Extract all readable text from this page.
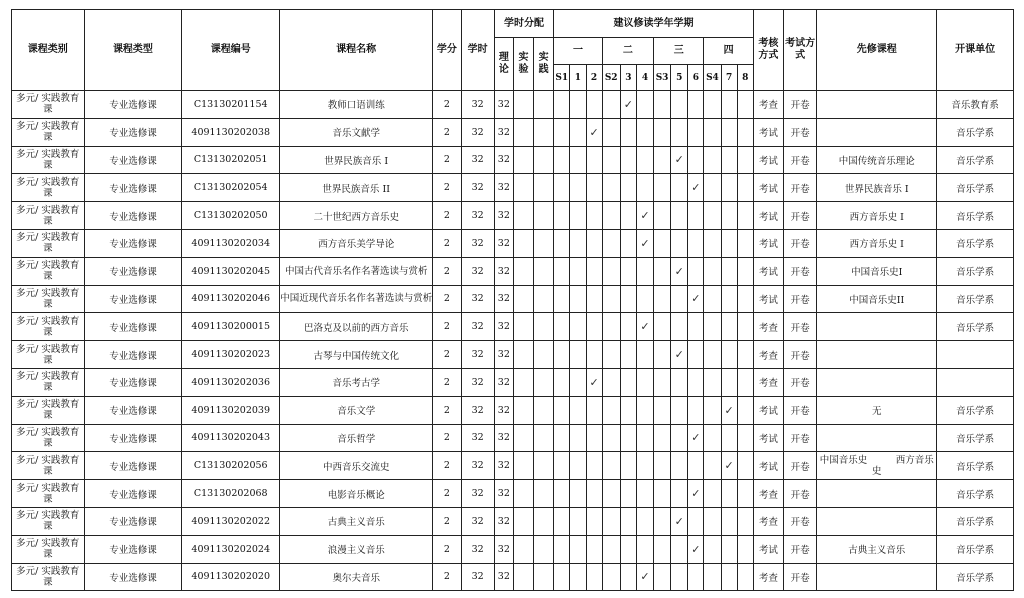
课程类别	课程类型	课程编号	课程名称	学分	学时	学时分配			建议修读学年学期												考核方式	考试方式	先修课程	开课单位
						理论	实验	实践	一			二			三			四						
									S1	1	2	S2	3	4	S3	5	6	S4	7	8				
多元/ 实践教育课	专业选修课	C13130201154	教师口语训练	2	32	32							✓								考查	开卷		音乐教育系
多元/ 实践教育课	专业选修课	4091130202038	音乐文献学	2	32	32					✓										考试	开卷		音乐学系
多元/ 实践教育课	专业选修课	C13130202051	世界民族音乐 I	2	32	32										✓					考试	开卷	中国传统音乐理论	音乐学系
多元/ 实践教育课	专业选修课	C13130202054	世界民族音乐 II	2	32	32											✓				考试	开卷	世界民族音乐 I	音乐学系
多元/ 实践教育课	专业选修课	C13130202050	二十世纪西方音乐史	2	32	32								✓							考试	开卷	西方音乐史 I	音乐学系
多元/ 实践教育课	专业选修课	4091130202034	西方音乐美学导论	2	32	32								✓							考试	开卷	西方音乐史 I	音乐学系
多元/ 实践教育课	专业选修课	4091130202045	中国古代音乐名作名著选读与赏析	2	32	32										✓					考试	开卷	中国音乐史I	音乐学系
多元/ 实践教育课	专业选修课	4091130202046	中国近现代音乐名作名著选读与赏析	2	32	32											✓				考试	开卷	中国音乐史II	音乐学系
多元/ 实践教育课	专业选修课	4091130200015	巴洛克及以前的西方音乐	2	32	32								✓							考查	开卷		音乐学系
多元/ 实践教育课	专业选修课	4091130202023	古琴与中国传统文化	2	32	32										✓					考查	开卷		
多元/ 实践教育课	专业选修课	4091130202036	音乐考古学	2	32	32					✓										考查	开卷		
多元/ 实践教育课	专业选修课	4091130202039	音乐文学	2	32	32													✓		考试	开卷	无	音乐学系
多元/ 实践教育课	专业选修课	4091130202043	音乐哲学	2	32	32											✓				考试	开卷		音乐学系
多元/ 实践教育课	专业选修课	C13130202056	中西音乐交流史	2	32	32													✓		考试	开卷	中国音乐史　　　西方音乐史	音乐学系
多元/ 实践教育课	专业选修课	C13130202068	电影音乐概论	2	32	32											✓				考查	开卷		音乐学系
多元/ 实践教育课	专业选修课	4091130202022	古典主义音乐	2	32	32										✓					考查	开卷		音乐学系
多元/ 实践教育课	专业选修课	4091130202024	浪漫主义音乐	2	32	32											✓				考试	开卷	古典主义音乐	音乐学系
多元/ 实践教育课	专业选修课	4091130202020	奥尔夫音乐	2	32	32								✓							考查	开卷		音乐学系
